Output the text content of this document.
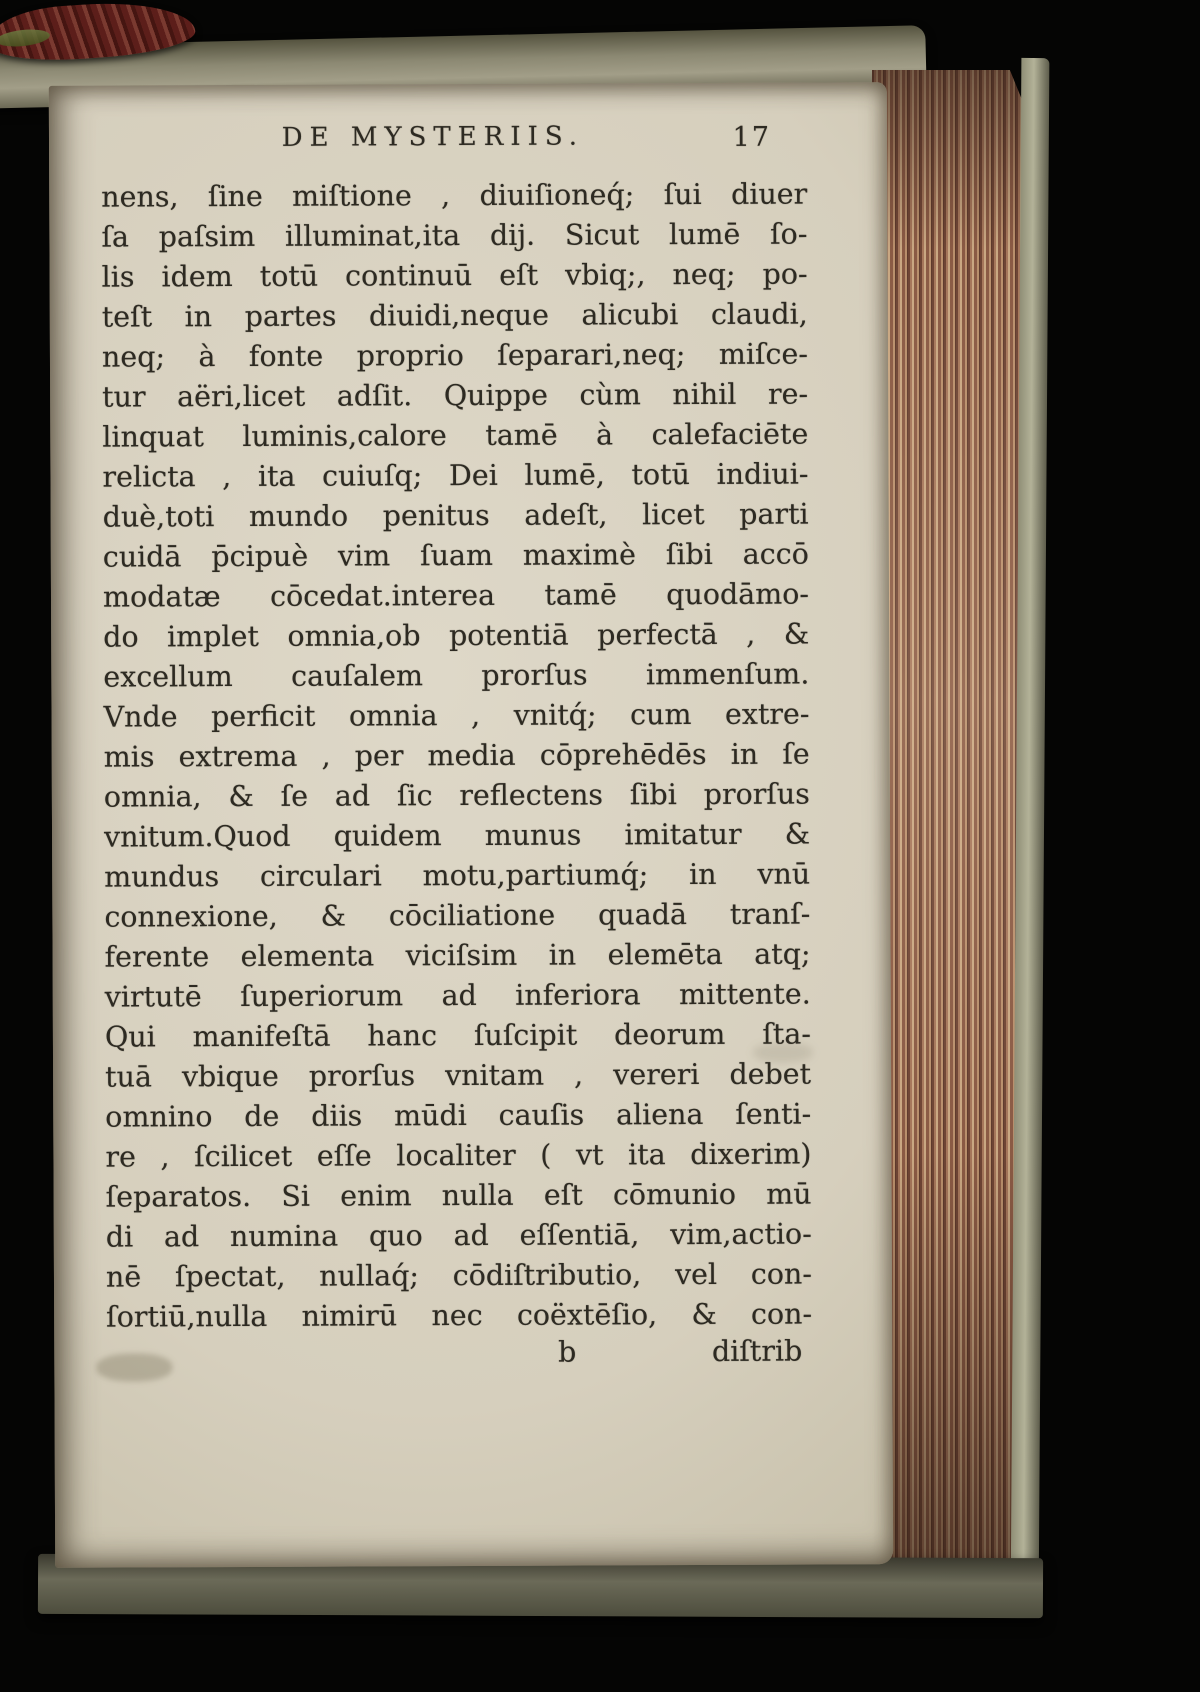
DE MYSTERIIS.	17
nens, ſine miſtione , diuiſioneq́; ſui diuer
ſa paſsim illuminat,ita dij. Sicut lumē ſo-
lis idem totū continuū eſt vbiq;, neq; po-
teſt in partes diuidi,neque alicubi claudi,
neq; à fonte proprio ſeparari,neq; miſce-
tur aëri,licet adſit. Quippe cùm nihil re-
linquat luminis,calore tamē à calefaciēte
relicta , ita cuiuſq; Dei lumē, totū indiui-
duè,toti mundo penitus adeſt, licet parti
cuidā p̄cipuè vim ſuam maximè ſibi accō
modatæ cōcedat.interea tamē quodāmo-
do implet omnia,ob potentiā perfectā , &
excellum cauſalem prorſus immenſum.
Vnde perficit omnia , vnitq́; cum extre-
mis extrema , per media cōprehēdēs in ſe
omnia, & ſe ad ſic reflectens ſibi prorſus
vnitum.Quod quidem munus imitatur &
mundus circulari motu,partiumq́; in vnū
connexione, & cōciliatione quadā tranſ-
ferente elementa viciſsim in elemēta atq;
virtutē ſuperiorum ad inferiora mittente.
Qui manifeſtā hanc ſuſcipit deorum ſta-
tuā vbique prorſus vnitam , vereri debet
omnino de diis mūdi cauſis aliena ſenti-
re , ſcilicet eſſe localiter ( vt ita dixerim)
ſeparatos. Si enim nulla eſt cōmunio mū
di ad numina quo ad eſſentiā, vim,actio-
nē ſpectat, nullaq́; cōdiſtributio, vel con-
ſortiū,nulla nimirū nec coëxtēſio, & con-
b	diſtrib
